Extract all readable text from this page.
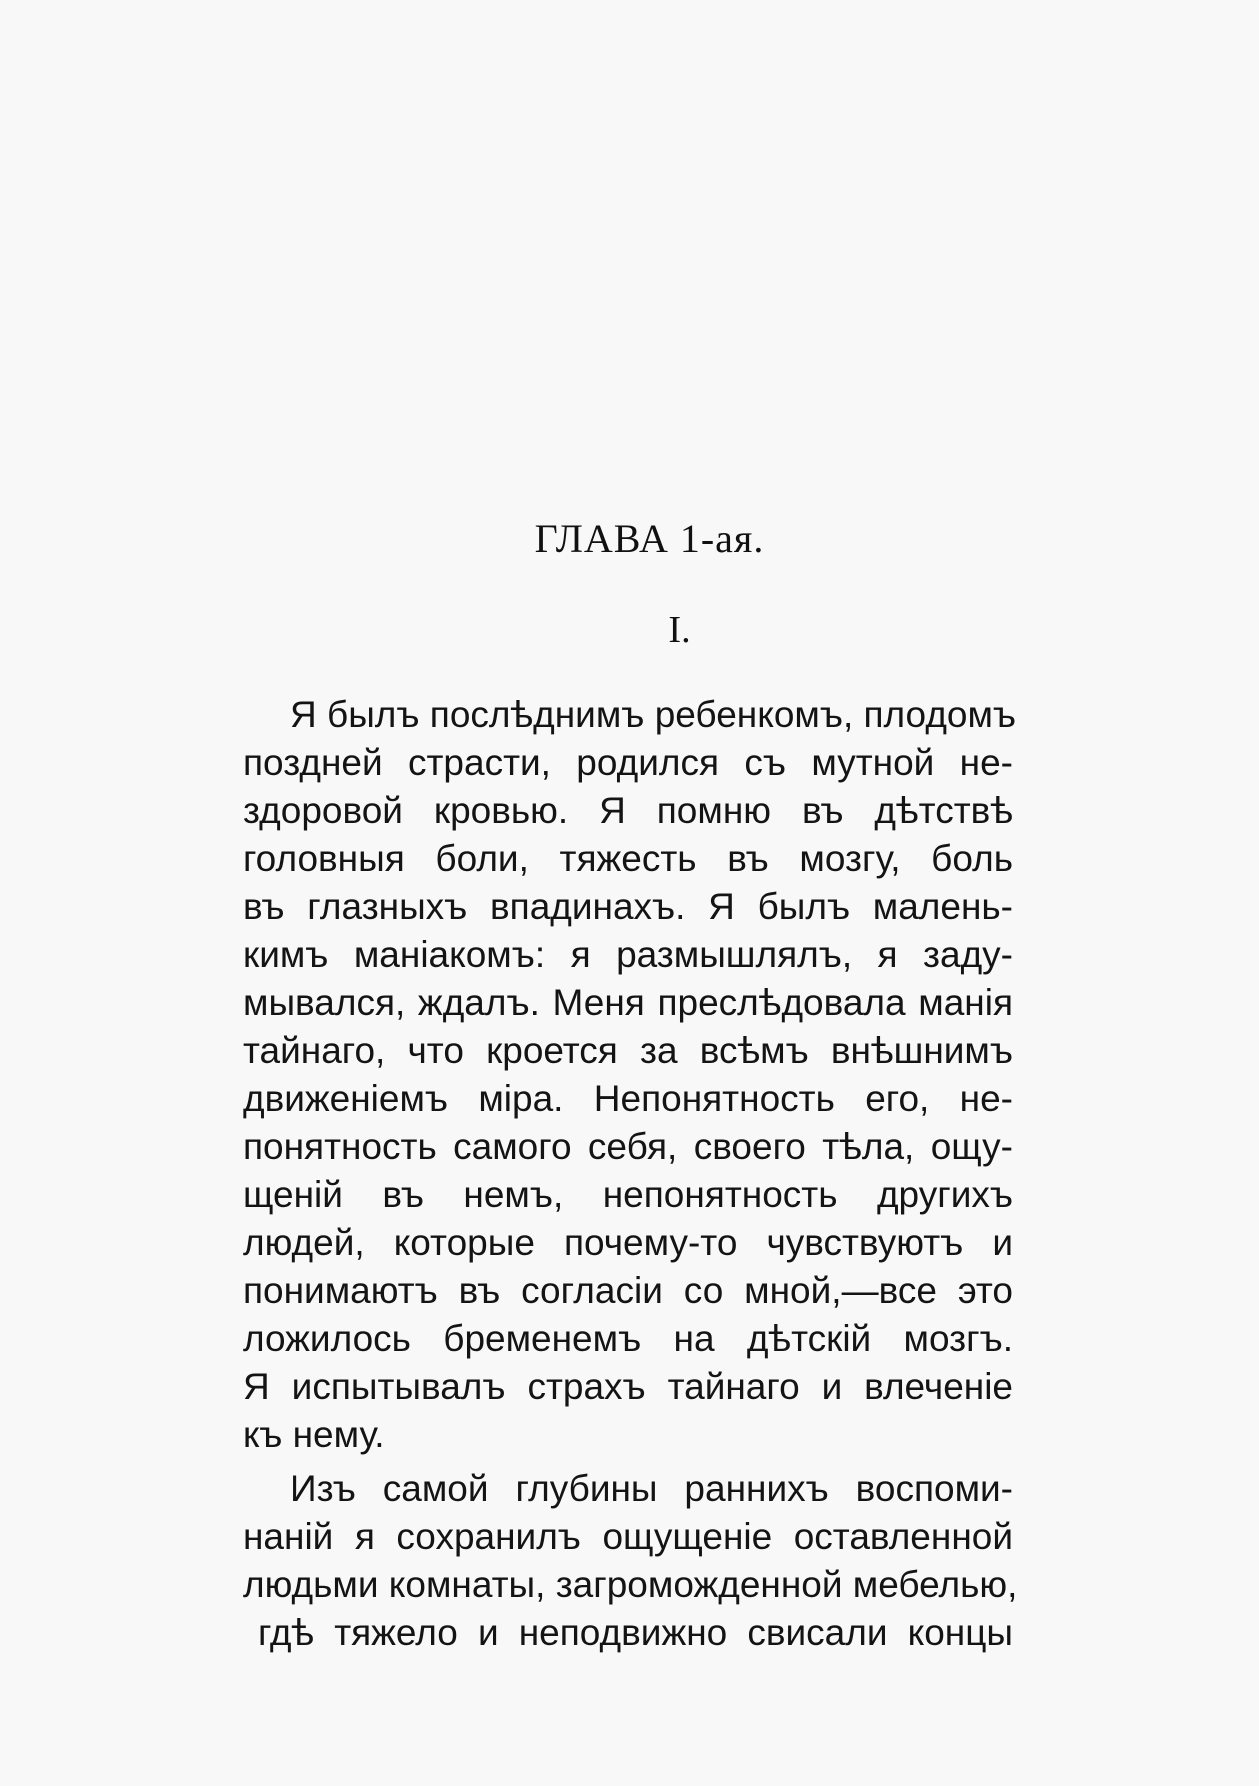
ГЛАВА 1-ая.
I.
Я былъ послѣднимъ ребенкомъ, плодомъ
поздней страсти, родился съ мутной не-
здоровой кровью. Я помню въ дѣтствѣ
головныя боли, тяжесть въ мозгу, боль
въ глазныхъ впадинахъ. Я былъ малень-
кимъ маніакомъ: я размышлялъ, я заду-
мывался, ждалъ. Меня преслѣдовала манія
тайнаго, что кроется за всѣмъ внѣшнимъ
движеніемъ міра. Непонятность его, не-
понятность самого себя, своего тѣла, ощу-
щеній въ немъ, непонятность другихъ
людей, которые почему-то чувствуютъ и
понимаютъ въ согласіи со мной,—все это
ложилось бременемъ на дѣтскій мозгъ.
Я испытывалъ страхъ тайнаго и влеченіе
къ нему.
Изъ самой глубины раннихъ воспоми-
наній я сохранилъ ощущеніе оставленной
людьми комнаты, загроможденной мебелью,
гдѣ тяжело и неподвижно свисали концы
